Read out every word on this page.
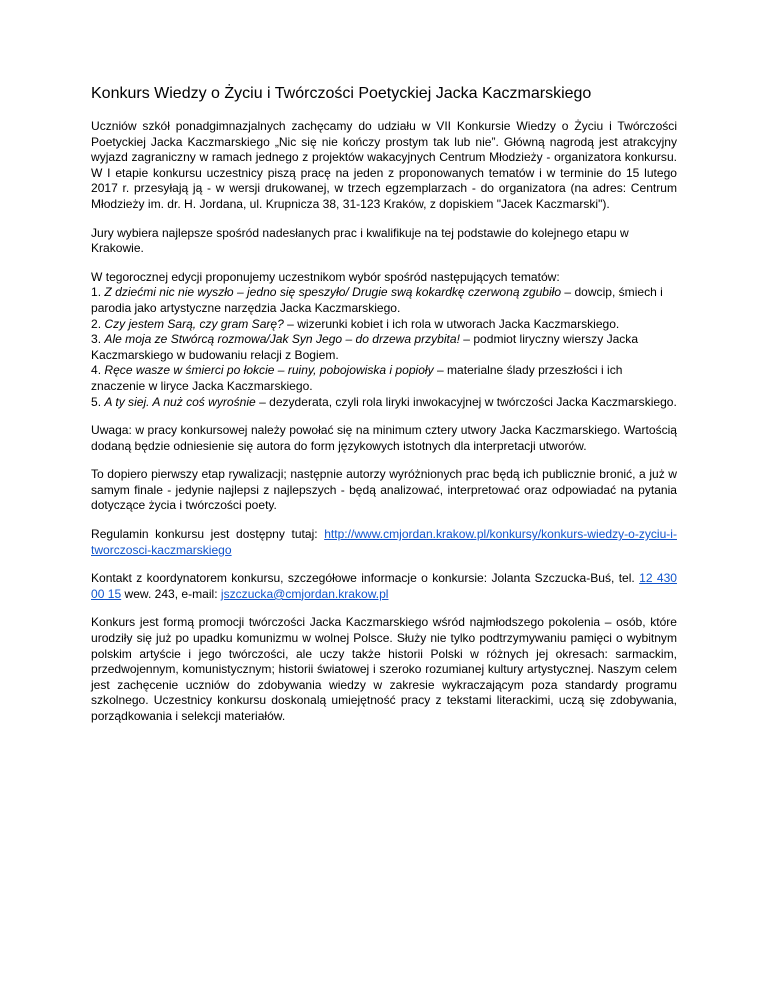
Konkurs Wiedzy o Życiu i Twórczości Poetyckiej Jacka Kaczmarskiego

Uczniów szkół ponadgimnazjalnych zachęcamy do udziału w VII Konkursie Wiedzy o Życiu i Twórczości Poetyckiej Jacka Kaczmarskiego „Nic się nie kończy prostym tak lub nie”. Główną nagrodą jest atrakcyjny wyjazd zagraniczny w ramach jednego z projektów wakacyjnych Centrum Młodzieży - organizatora konkursu. W I etapie konkursu uczestnicy piszą pracę na jeden z proponowanych tematów i w terminie do 15 lutego 2017 r. przesyłają ją - w wersji drukowanej, w trzech egzemplarzach - do organizatora (na adres: Centrum Młodzieży im. dr. H. Jordana, ul. Krupnicza 38, 31-123 Kraków, z dopiskiem "Jacek Kaczmarski").

Jury wybiera najlepsze spośród nadesłanych prac i kwalifikuje na tej podstawie do kolejnego etapu w Krakowie.

W tegorocznej edycji proponujemy uczestnikom wybór spośród następujących tematów:

1. Z dziećmi nic nie wyszło – jedno się speszyło/ Drugie swą kokardkę czerwoną zgubiło – dowcip, śmiech i parodia jako artystyczne narzędzia Jacka Kaczmarskiego.
2. Czy jestem Sarą, czy gram Sarę? – wizerunki kobiet i ich rola w utworach Jacka Kaczmarskiego.
3. Ale moja ze Stwórcą rozmowa/Jak Syn Jego – do drzewa przybita! – podmiot liryczny wierszy Jacka Kaczmarskiego w budowaniu relacji z Bogiem.
4. Ręce wasze w śmierci po łokcie – ruiny, pobojowiska i popioły – materialne ślady przeszłości i ich znaczenie w liryce Jacka Kaczmarskiego.
5. A ty siej. A nuż coś wyrośnie – dezyderata, czyli rola liryki inwokacyjnej w twórczości Jacka Kaczmarskiego.

Uwaga: w pracy konkursowej należy powołać się na minimum cztery utwory Jacka Kaczmarskiego. Wartością dodaną będzie odniesienie się autora do form językowych istotnych dla interpretacji utworów.

To dopiero pierwszy etap rywalizacji; następnie autorzy wyróżnionych prac będą ich publicznie bronić, a już w samym finale - jedynie najlepsi z najlepszych - będą analizować, interpretować oraz odpowiadać na pytania dotyczące życia i twórczości poety.

Regulamin konkursu jest dostępny tutaj: http://www.cmjordan.krakow.pl/konkursy/konkurs-wiedzy-o-zyciu-i-tworczosci-kaczmarskiego

Kontakt z koordynatorem konkursu, szczegółowe informacje o konkursie: Jolanta Szczucka-Buś, tel. 12 430 00 15 wew. 243, e-mail: jszczucka@cmjordan.krakow.pl

Konkurs jest formą promocji twórczości Jacka Kaczmarskiego wśród najmłodszego pokolenia – osób, które urodziły się już po upadku komunizmu w wolnej Polsce. Służy nie tylko podtrzymywaniu pamięci o wybitnym polskim artyście i jego twórczości, ale uczy także historii Polski w różnych jej okresach: sarmackim, przedwojennym, komunistycznym; historii światowej i szeroko rozumianej kultury artystycznej. Naszym celem jest zachęcenie uczniów do zdobywania wiedzy w zakresie wykraczającym poza standardy programu szkolnego. Uczestnicy konkursu doskonalą umiejętność pracy z tekstami literackimi, uczą się zdobywania, porządkowania i selekcji materiałów.
